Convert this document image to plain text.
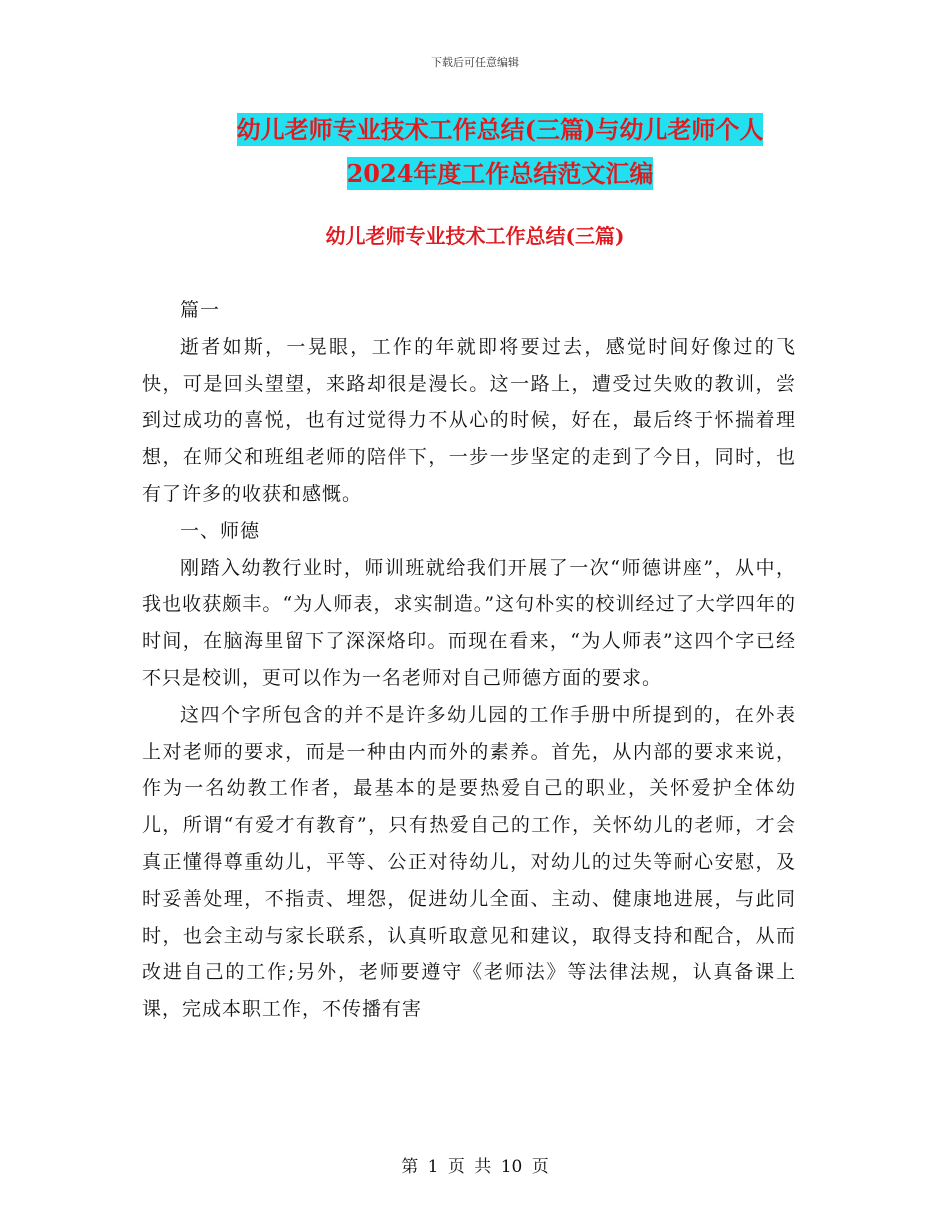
下载后可任意编辑
幼儿老师专业技术工作总结(三篇)与幼儿老师个人
2024年度工作总结范文汇编
幼儿老师专业技术工作总结(三篇)

篇一

逝者如斯，一晃眼，工作的年就即将要过去，感觉时间好像过的飞快，可是回头望望，来路却很是漫长。这一路上，遭受过失败的教训，尝到过成功的喜悦，也有过觉得力不从心的时候，好在，最后终于怀揣着理想，在师父和班组老师的陪伴下，一步一步坚定的走到了今日，同时，也有了许多的收获和感慨。

一、师德

刚踏入幼教行业时，师训班就给我们开展了一次“师德讲座”，从中，我也收获颇丰。“为人师表，求实制造。”这句朴实的校训经过了大学四年的时间，在脑海里留下了深深烙印。而现在看来，“为人师表”这四个字已经不只是校训，更可以作为一名老师对自己师德方面的要求。

这四个字所包含的并不是许多幼儿园的工作手册中所提到的，在外表上对老师的要求，而是一种由内而外的素养。首先，从内部的要求来说，作为一名幼教工作者，最基本的是要热爱自己的职业，关怀爱护全体幼儿，所谓“有爱才有教育”，只有热爱自己的工作，关怀幼儿的老师，才会真正懂得尊重幼儿，平等、公正对待幼儿，对幼儿的过失等耐心安慰，及时妥善处理，不指责、埋怨，促进幼儿全面、主动、健康地进展，与此同时，也会主动与家长联系，认真听取意见和建议，取得支持和配合，从而改进自己的工作;另外，老师要遵守《老师法》等法律法规，认真备课上课，完成本职工作，不传播有害

第 1 页 共 10 页
